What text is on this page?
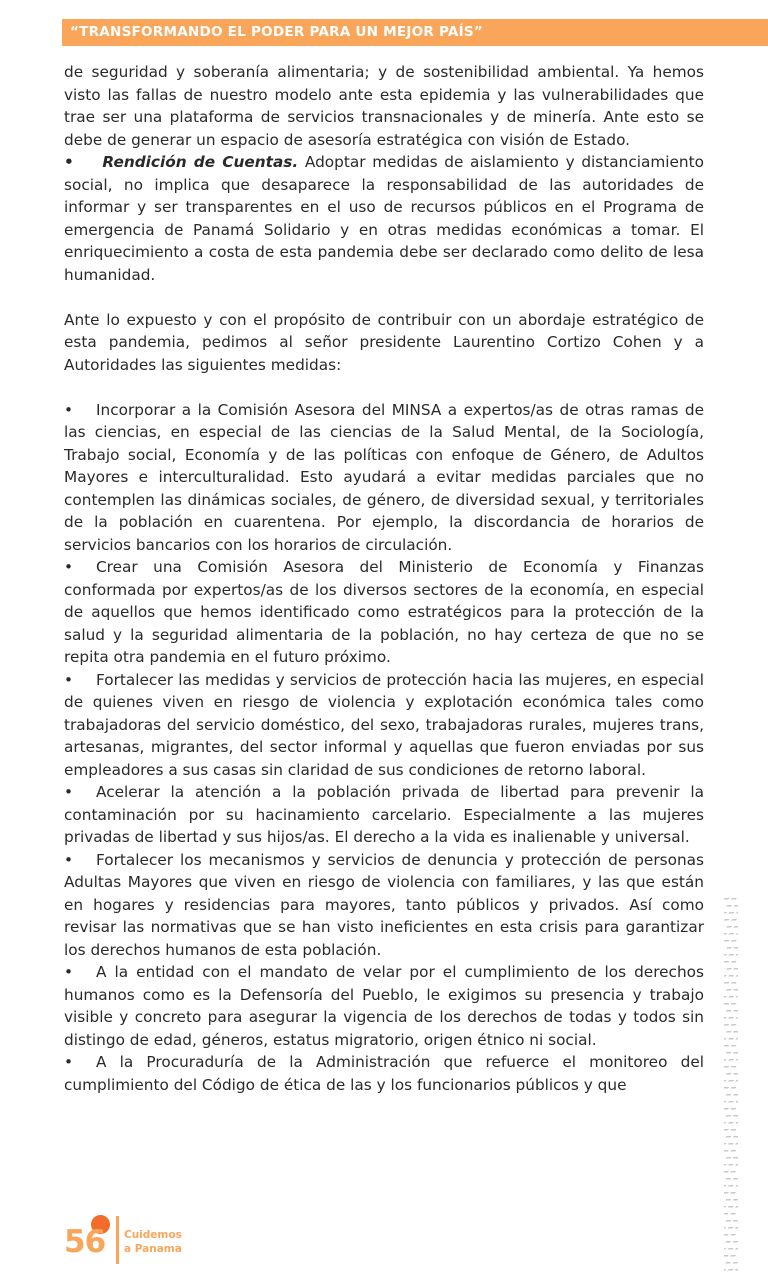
“TRANSFORMANDO EL PODER PARA UN MEJOR PAÍS”

de seguridad y soberanía alimentaria; y de sostenibilidad ambiental. Ya hemos visto las fallas de nuestro modelo ante esta epidemia y las vulnerabilidades que trae ser una plataforma de servicios transnacionales y de minería. Ante esto se debe de generar un espacio de asesoría estratégica con visión de Estado.

• Rendición de Cuentas. Adoptar medidas de aislamiento y distanciamiento social, no implica que desaparece la responsabilidad de las autoridades de informar y ser transparentes en el uso de recursos públicos en el Programa de emergencia de Panamá Solidario y en otras medidas económicas a tomar. El enriquecimiento a costa de esta pandemia debe ser declarado como delito de lesa humanidad.

Ante lo expuesto y con el propósito de contribuir con un abordaje estratégico de esta pandemia, pedimos al señor presidente Laurentino Cortizo Cohen y a Autoridades las siguientes medidas:

• Incorporar a la Comisión Asesora del MINSA a expertos/as de otras ramas de las ciencias, en especial de las ciencias de la Salud Mental, de la Sociología, Trabajo social, Economía y de las políticas con enfoque de Género, de Adultos Mayores e interculturalidad. Esto ayudará a evitar medidas parciales que no contemplen las dinámicas sociales, de género, de diversidad sexual, y territoriales de la población en cuarentena. Por ejemplo, la discordancia de horarios de servicios bancarios con los horarios de circulación.

• Crear una Comisión Asesora del Ministerio de Economía y Finanzas conformada por expertos/as de los diversos sectores de la economía, en especial de aquellos que hemos identificado como estratégicos para la protección de la salud y la seguridad alimentaria de la población, no hay certeza de que no se repita otra pandemia en el futuro próximo.

• Fortalecer las medidas y servicios de protección hacia las mujeres, en especial de quienes viven en riesgo de violencia y explotación económica tales como trabajadoras del servicio doméstico, del sexo, trabajadoras rurales, mujeres trans, artesanas, migrantes, del sector informal y aquellas que fueron enviadas por sus empleadores a sus casas sin claridad de sus condiciones de retorno laboral.

• Acelerar la atención a la población privada de libertad para prevenir la contaminación por su hacinamiento carcelario. Especialmente a las mujeres privadas de libertad y sus hijos/as. El derecho a la vida es inalienable y universal.

• Fortalecer los mecanismos y servicios de denuncia y protección de personas Adultas Mayores que viven en riesgo de violencia con familiares, y las que están en hogares y residencias para mayores, tanto públicos y privados. Así como revisar las normativas que se han visto ineficientes en esta crisis para garantizar los derechos humanos de esta población.

• A la entidad con el mandato de velar por el cumplimiento de los derechos humanos como es la Defensoría del Pueblo, le exigimos su presencia y trabajo visible y concreto para asegurar la vigencia de los derechos de todas y todos sin distingo de edad, géneros, estatus migratorio, origen étnico ni social.

• A la Procuraduría de la Administración que refuerce el monitoreo del cumplimiento del Código de ética de las y los funcionarios públicos y que

56 Cuidemos
a Panama
